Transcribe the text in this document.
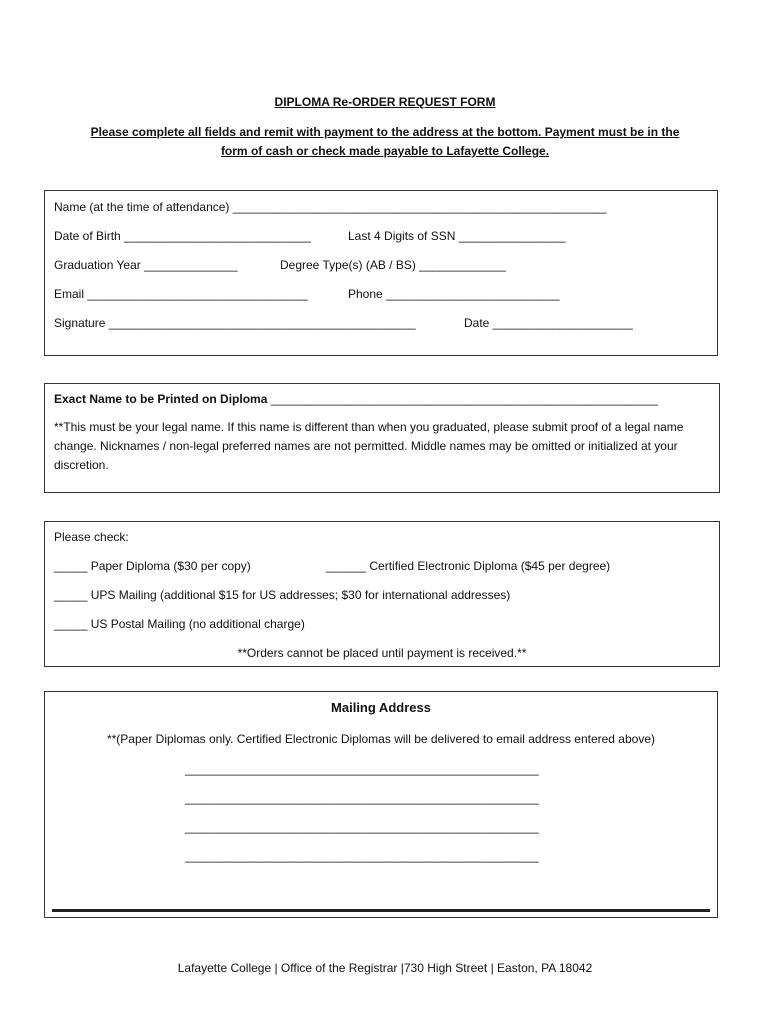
DIPLOMA Re-ORDER REQUEST FORM
Please complete all fields and remit with payment to the address at the bottom. Payment must be in the form of cash or check made payable to Lafayette College.
Name (at the time of attendance) ________________________________________________________
Date of Birth ____________________________	Last 4 Digits of SSN ________________
Graduation Year ______________	Degree Type(s) (AB / BS) _____________
Email _________________________________	Phone __________________________
Signature ______________________________________________	Date _____________________
Exact Name to be Printed on Diploma __________________________________________________________
**This must be your legal name. If this name is different than when you graduated, please submit proof of a legal name change. Nicknames / non-legal preferred names are not permitted. Middle names may be omitted or initialized at your discretion.
Please check:
_____ Paper Diploma ($30 per copy)	______ Certified Electronic Diploma ($45 per degree)
_____ UPS Mailing (additional $15 for US addresses; $30 for international addresses)
_____ US Postal Mailing (no additional charge)
**Orders cannot be placed until payment is received.**
Mailing Address
**(Paper Diplomas only. Certified Electronic Diplomas will be delivered to email address entered above)
_____________________________________________________
_____________________________________________________
_____________________________________________________
_____________________________________________________
Lafayette College | Office of the Registrar |730 High Street | Easton, PA 18042
